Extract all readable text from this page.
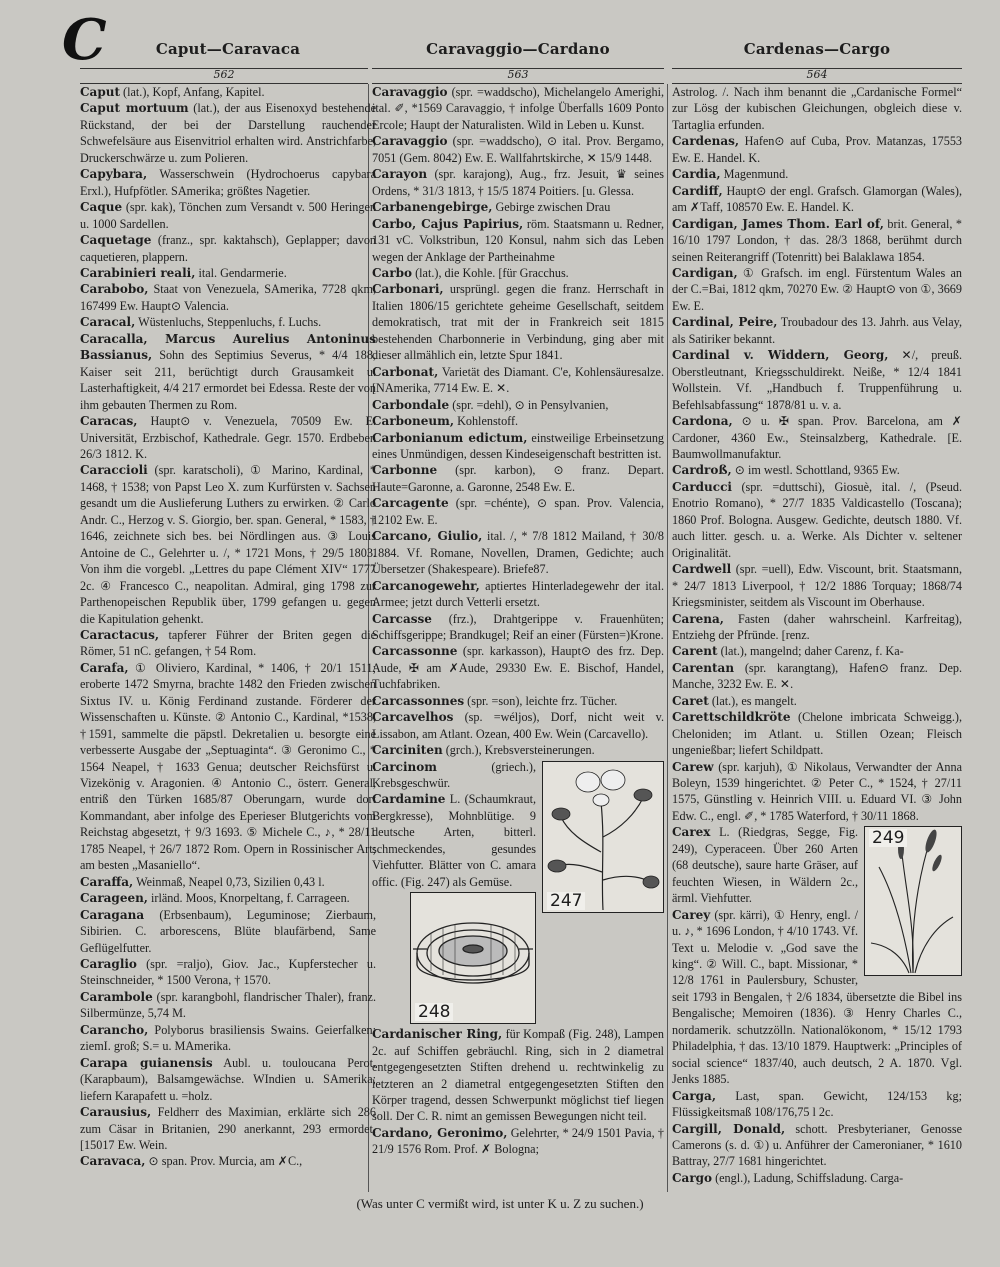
C	Caput—Caravaca	Caravaggio—Cardano	Cardenas—Cargo
562	563	564

Caput (lat.), Kopf, Anfang, Kapitel.

Caput mortuum (lat.), der aus Eisenoxyd bestehende Rückstand, der bei der Darstellung rauchender Schwefelsäure aus Eisenvitriol erhalten wird. Anstrichfarbe, Druckerschwärze u. zum Polieren.

Capybara, Wasserschwein (Hydrochoerus capybara Erxl.), Hufpfötler. SAmerika; größtes Nagetier.

Caque (spr. kak), Tönchen zum Versandt v. 500 Heringen u. 1000 Sardellen.

Caquetage (franz., spr. kaktahsch), Geplapper; davon caquetieren, plappern.

Carabinieri reali, ital. Gendarmerie.

Carabobo, Staat von Venezuela, SAmerika, 7728 qkm, 167499 Ew. Haupt⊙ Valencia.

Caracal, Wüstenluchs, Steppenluchs, f. Luchs.

Caracalla, Marcus Aurelius Antoninus Bassianus, Sohn des Septimius Severus, * 4/4 188, Kaiser seit 211, berüchtigt durch Grausamkeit u. Lasterhaftigkeit, 4/4 217 ermordet bei Edessa. Reste der von ihm gebauten Thermen zu Rom.

Caracas, Haupt⊙ v. Venezuela, 70509 Ew. E. Universität, Erzbischof, Kathedrale. Gegr. 1570. Erdbeben 26/3 1812. K.

Caraccioli (spr. karatscholi), ① Marino, Kardinal, * 1468, † 1538; von Papst Leo X. zum Kurfürsten v. Sachsen gesandt um die Auslieferung Luthers zu erwirken. ② Carlo Andr. C., Herzog v. S. Giorgio, ber. span. General, * 1583, † 1646, zeichnete sich bes. bei Nördlingen aus. ③ Louis Antoine de C., Gelehrter u. /, * 1721 Mons, † 29/5 1803. Von ihm die vorgebl. „Lettres du pape Clément XIV“ 1777 2c. ④ Francesco C., neapolitan. Admiral, ging 1798 zur Parthenopeischen Republik über, 1799 gefangen u. gegen die Kapitulation gehenkt.

Caractacus, tapferer Führer der Briten gegen die Römer, 51 nC. gefangen, † 54 Rom.

Carafa, ① Oliviero, Kardinal, * 1406, † 20/1 1511; eroberte 1472 Smyrna, brachte 1482 den Frieden zwischen Sixtus IV. u. König Ferdinand zustande. Förderer der Wissenschaften u. Künste. ② Antonio C., Kardinal, *1538, †1591, sammelte die päpstl. Dekretalien u. besorgte eine verbesserte Ausgabe der „Septuaginta“. ③ Geronimo C., * 1564 Neapel, † 1633 Genua; deutscher Reichsfürst u. Vizekönig v. Aragonien. ④ Antonio C., österr. General, entriß den Türken 1685/87 Oberungarn, wurde dort Kommandant, aber infolge des Eperieser Blutgerichts vom Reichstag abgesetzt, † 9/3 1693. ⑤ Michele C., ♪, * 28/11 1785 Neapel, † 26/7 1872 Rom. Opern in Rossinischer Art; am besten „Masaniello“.

Caraffa, Weinmaß, Neapel 0,73, Sizilien 0,43 l.

Carageen, irländ. Moos, Knorpeltang, f. Carrageen.

Caragana (Erbsenbaum), Leguminose; Zierbaum, Sibirien. C. arborescens, Blüte blaufärbend, Same Geflügelfutter.

Caraglio (spr. =raljo), Giov. Jac., Kupferstecher u. Steinschneider, * 1500 Verona, † 1570.

Carambole (spr. karangbohl, flandrischer Thaler), franz. Silbermünze, 5,74 M.

Carancho, Polyborus brasiliensis Swains. Geierfalken; ziemI. groß; S.= u. MAmerika.

Carapa guianensis Aubl. u. touloucana Perot. (Karapbaum), Balsamgewächse. WIndien u. SAmerika; liefern Karapafett u. =holz.

Carausius, Feldherr des Maximian, erklärte sich 286 zum Cäsar in Britanien, 290 anerkannt, 293 ermordet. [15017 Ew. Wein.

Caravaca, ⊙ span. Prov. Murcia, am ✗C.,

Caravaggio (spr. =waddscho), Michelangelo Amerighi, ital. ✐, *1569 Caravaggio, † infolge Überfalls 1609 Ponto Ercole; Haupt der Naturalisten. Wild in Leben u. Kunst.

Caravaggio (spr. =waddscho), ⊙ ital. Prov. Bergamo, 7051 (Gem. 8042) Ew. E. Wallfahrtskirche, ✕ 15/9 1448.

Carayon (spr. karajong), Aug., frz. Jesuit, ♛ seines Ordens, * 31/3 1813, † 15/5 1874 Poitiers. [u. Glessa.

Carbanengebirge, Gebirge zwischen Drau

Carbo, Cajus Papirius, röm. Staatsmann u. Redner, 131 vC. Volkstribun, 120 Konsul, nahm sich das Leben wegen der Anklage der Partheinahme

Carbo (lat.), die Kohle. [für Gracchus.

Carbonari, ursprüngl. gegen die franz. Herrschaft in Italien 1806/15 gerichtete geheime Gesellschaft, seitdem demokratisch, trat mit der in Frankreich seit 1815 bestehenden Charbonnerie in Verbindung, ging aber mit dieser allmählich ein, letzte Spur 1841.

Carbonat, Varietät des Diamant. C'e, Kohlensäuresalze. [NAmerika, 7714 Ew. E. ✕.

Carbondale (spr. =dehl), ⊙ in Pensylvanien,

Carboneum, Kohlenstoff.

Carbonianum edictum, einstweilige Erbeinsetzung eines Unmündigen, dessen Kindeseigenschaft bestritten ist.

Carbonne (spr. karbon), ⊙ franz. Depart. Haute=Garonne, a. Garonne, 2548 Ew. E.

Carcagente (spr. =chénte), ⊙ span. Prov. Valencia, 12102 Ew. E.

Carcano, Giulio, ital. /, * 7/8 1812 Mailand, † 30/8 1884. Vf. Romane, Novellen, Dramen, Gedichte; auch Übersetzer (Shakespeare). Briefe87.

Carcanogewehr, aptiertes Hinterladegewehr der ital. Armee; jetzt durch Vetterli ersetzt.

Carcasse (frz.), Drahtgerippe v. Frauenhüten; Schiffsgerippe; Brandkugel; Reif an einer (Fürsten=)Krone.

Carcassonne (spr. karkasson), Haupt⊙ des frz. Dep. Aude, ✠ am ✗Aude, 29330 Ew. E. Bischof, Handel, Tuchfabriken.

Carcassonnes (spr. =son), leichte frz. Tücher.

Carcavelhos (sp. =wéljos), Dorf, nicht weit v. Lissabon, am Atlant. Ozean, 400 Ew. Wein (Carcavello).

Carciniten (grch.), Krebsversteinerungen.

247

Carcinom	(griech.), Krebsgeschwür.

Cardamine L. (Schaumkraut, Bergkresse), Mohnblütige. 9 deutsche Arten, bitterl. schmeckendes, gesundes Viehfutter. Blätter von C. amara offic. (Fig. 247) als Gemüse.

248

Cardanischer Ring, für Kompaß (Fig. 248), Lampen 2c. auf Schiffen gebräuchl. Ring, sich in 2 diametral entgegengesetzten Stiften drehend u. rechtwinkelig zu letzteren an 2 diametral entgegengesetzten Stiften den Körper tragend, dessen Schwerpunkt möglichst tief liegen soll. Der C. R. nimt an gemissen Bewegungen nicht teil.

Cardano, Geronimo, Gelehrter, * 24/9 1501 Pavia, † 21/9 1576 Rom. Prof. ✗ Bologna;

Astrolog. /. Nach ihm benannt die „Cardanische Formel“ zur Lösg der kubischen Gleichungen, obgleich diese v. Tartaglia erfunden.

Cardenas, Hafen⊙ auf Cuba, Prov. Matanzas, 17553 Ew. E. Handel. K.

Cardia, Magenmund.

Cardiff, Haupt⊙ der engl. Grafsch. Glamorgan (Wales), am ✗Taff, 108570 Ew. E. Handel. K.

Cardigan, James Thom. Earl of, brit. General, * 16/10 1797 London, † das. 28/3 1868, berühmt durch seinen Reiterangriff (Totenritt) bei Balaklawa 1854.

Cardigan, ① Grafsch. im engl. Fürstentum Wales an der C.=Bai, 1812 qkm, 70270 Ew. ② Haupt⊙ von ①, 3669 Ew. E.

Cardinal, Peire, Troubadour des 13. Jahrh. aus Velay, als Satiriker bekannt.

Cardinal v. Widdern, Georg, ✕/, preuß. Oberstleutnant, Kriegsschuldirekt. Neiße, * 12/4 1841 Wollstein. Vf. „Handbuch f. Truppenführung u. Befehlsabfassung“ 1878/81 u. v. a.

Cardona, ⊙ u. ✠ span. Prov. Barcelona, am ✗ Cardoner, 4360 Ew., Steinsalzberg, Kathedrale. [E. Baumwollmanufaktur.

Cardroß, ⊙ im westl. Schottland, 9365 Ew.

Carducci (spr. =duttschi), Giosuè, ital. /, (Pseud. Enotrio Romano), * 27/7 1835 Valdicastello (Toscana); 1860 Prof. Bologna. Ausgew. Gedichte, deutsch 1880. Vf. auch litter. gesch. u. a. Werke. Als Dichter v. seltener Originalität.

Cardwell (spr. =uell), Edw. Viscount, brit. Staatsmann, * 24/7 1813 Liverpool, † 12/2 1886 Torquay; 1868/74 Kriegsminister, seitdem als Viscount im Oberhause.

Carena, Fasten (daher wahrscheinl. Karfreitag), Entziehg der Pfründe. [renz.

Carent (lat.), mangelnd; daher Carenz, f. Ka-

Carentan (spr. karangtang), Hafen⊙ franz. Dep. Manche, 3232 Ew. E. ✕.

Caret (lat.), es mangelt.

Carettschildkröte (Chelone imbricata Schweigg.), Cheloniden; im Atlant. u. Stillen Ozean; Fleisch ungenießbar; liefert Schildpatt.

Carew (spr. karjuh), ① Nikolaus, Verwandter der Anna Boleyn, 1539 hingerichtet. ② Peter C., * 1524, † 27/11 1575, Günstling v. Heinrich VIII. u. Eduard VI. ③ John Edw. C., engl. ✐, * 1785 Waterford, † 30/11 1868.

249

Carex L. (Riedgras, Segge, Fig. 249), Cyperaceen. Über 260 Arten (68 deutsche), saure harte Gräser, auf feuchten Wiesen, in Wäldern 2c., ärml. Viehfutter.

Carey (spr. kärri), ① Henry, engl. / u. ♪, * 1696 London, † 4/10 1743. Vf. Text u. Melodie v. „God save the king“. ② Will. C., bapt. Missionar, * 12/8 1761 in Paulersbury, Schuster, seit 1793 in Bengalen, † 2/6 1834, übersetzte die Bibel ins Bengalische; Memoiren (1836). ③ Henry Charles C., nordamerik. schutzzölln. Nationalökonom, * 15/12 1793 Philadelphia, † das. 13/10 1879. Hauptwerk: „Principles of social science“ 1837/40, auch deutsch, 2 A. 1870. Vgl. Jenks 1885.

Carga, Last, span. Gewicht, 124/153 kg; Flüssigkeitsmaß 108/176,75 l 2c.

Cargill, Donald, schott. Presbyterianer, Genosse Camerons (s. d. ①) u. Anführer der Cameronianer, * 1610 Battray, 27/7 1681 hingerichtet.

Cargo (engl.), Ladung, Schiffsladung. Carga-

(Was unter C vermißt wird, ist unter K u. Z zu suchen.)
